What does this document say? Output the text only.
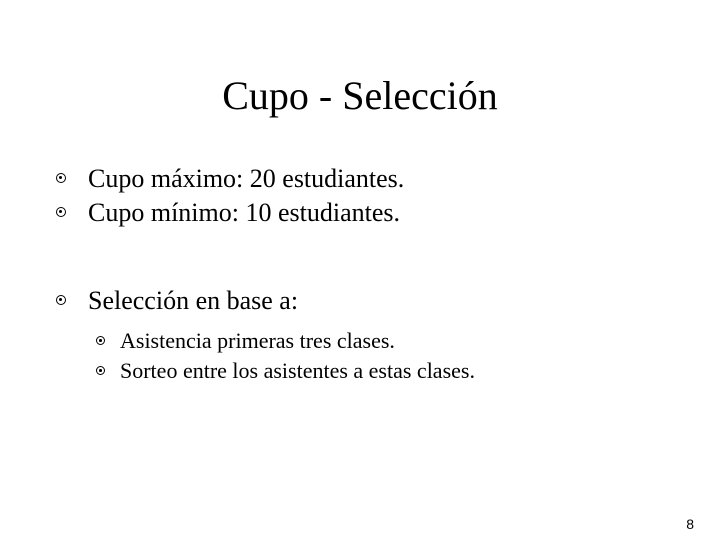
Cupo - Selección
Cupo máximo: 20 estudiantes.
Cupo mínimo: 10 estudiantes.
Selección en base a:
Asistencia primeras tres clases.
Sorteo entre los asistentes a estas clases.
8
